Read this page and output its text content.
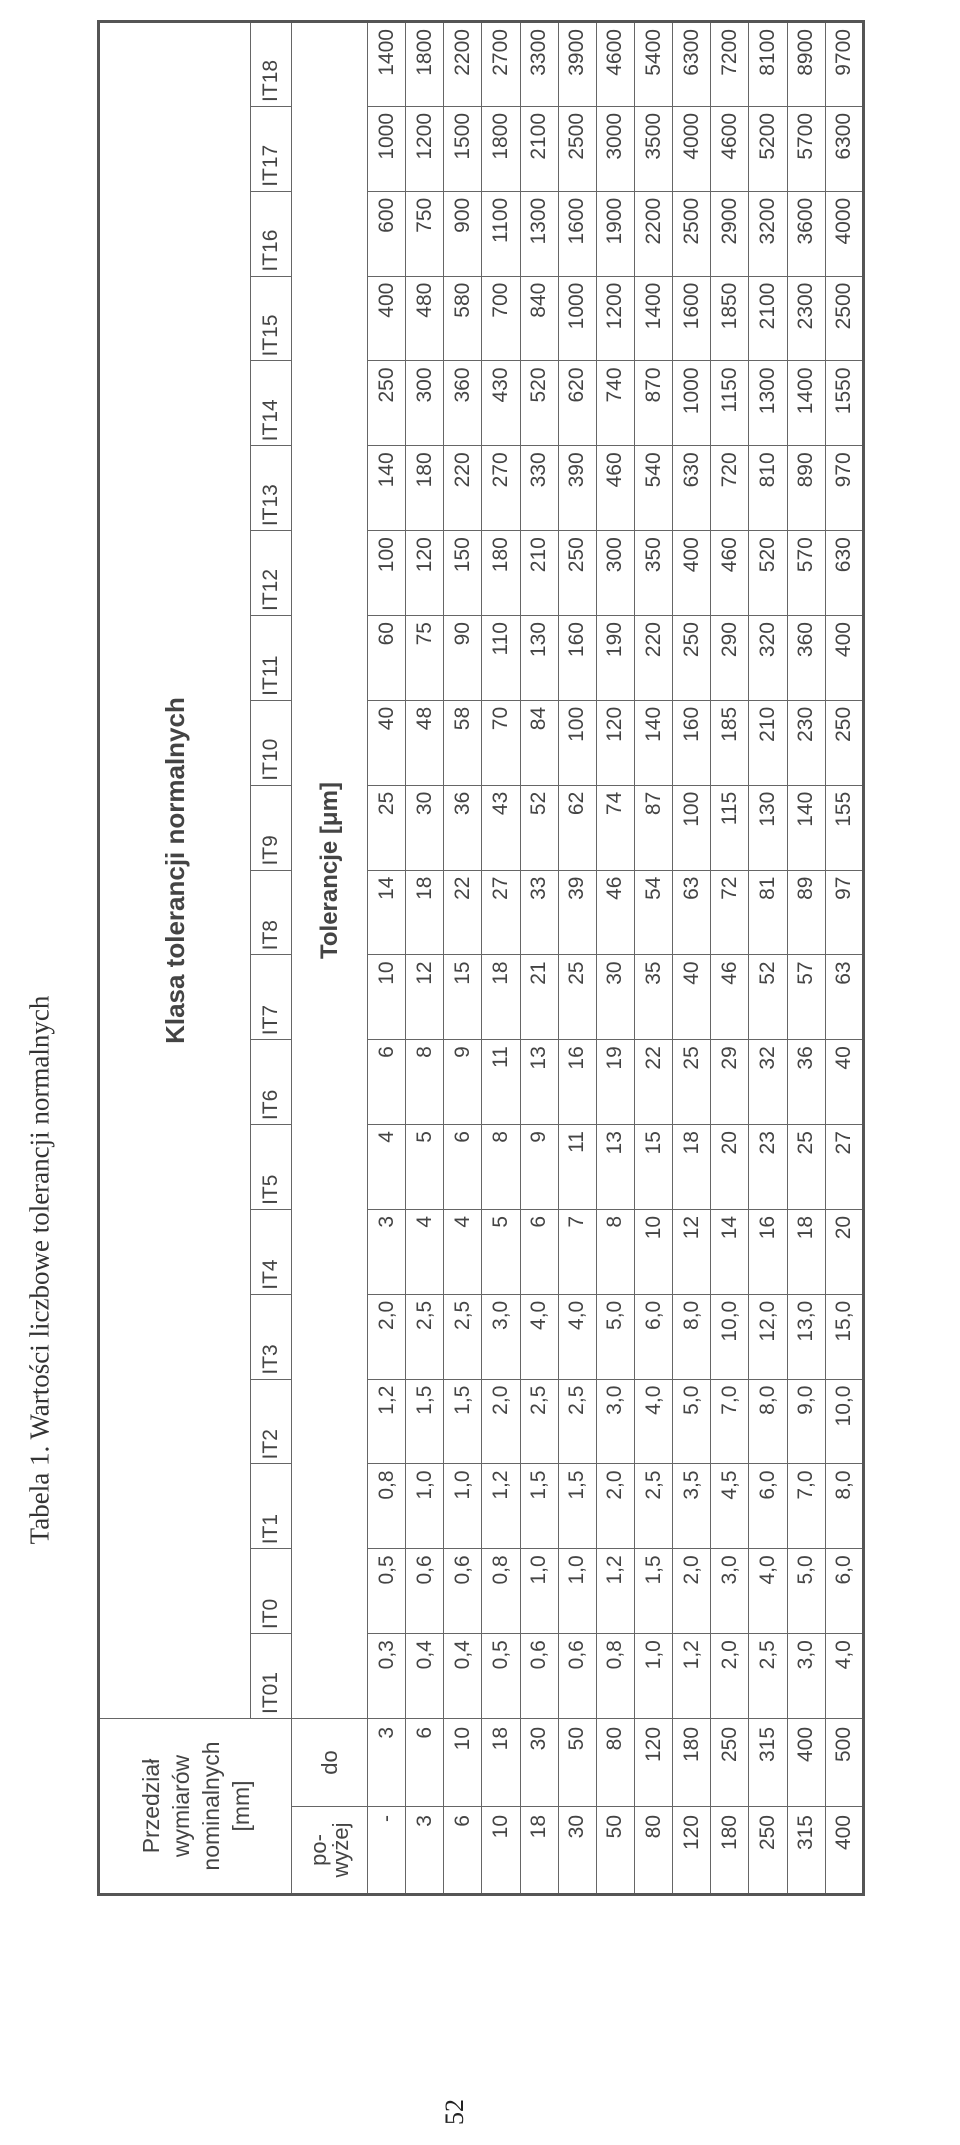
Tabela 1. Wartości liczbowe tolerancji normalnych
Przedział wymiarów nominalnych [mm]		Klasa tolerancji normalnych																			
		IT01	IT0	IT1	IT2	IT3	IT4	IT5	IT6	IT7	IT8	IT9	IT10	IT11	IT12	IT13	IT14	IT15	IT16	IT17	IT18
po- wyżej	do	Tolerancje [μm]																			
-	3	0,3	0,5	0,8	1,2	2,0	3	4	6	10	14	25	40	60	100	140	250	400	600	1000	1400
3	6	0,4	0,6	1,0	1,5	2,5	4	5	8	12	18	30	48	75	120	180	300	480	750	1200	1800
6	10	0,4	0,6	1,0	1,5	2,5	4	6	9	15	22	36	58	90	150	220	360	580	900	1500	2200
10	18	0,5	0,8	1,2	2,0	3,0	5	8	11	18	27	43	70	110	180	270	430	700	1100	1800	2700
18	30	0,6	1,0	1,5	2,5	4,0	6	9	13	21	33	52	84	130	210	330	520	840	1300	2100	3300
30	50	0,6	1,0	1,5	2,5	4,0	7	11	16	25	39	62	100	160	250	390	620	1000	1600	2500	3900
50	80	0,8	1,2	2,0	3,0	5,0	8	13	19	30	46	74	120	190	300	460	740	1200	1900	3000	4600
80	120	1,0	1,5	2,5	4,0	6,0	10	15	22	35	54	87	140	220	350	540	870	1400	2200	3500	5400
120	180	1,2	2,0	3,5	5,0	8,0	12	18	25	40	63	100	160	250	400	630	1000	1600	2500	4000	6300
180	250	2,0	3,0	4,5	7,0	10,0	14	20	29	46	72	115	185	290	460	720	1150	1850	2900	4600	7200
250	315	2,5	4,0	6,0	8,0	12,0	16	23	32	52	81	130	210	320	520	810	1300	2100	3200	5200	8100
315	400	3,0	5,0	7,0	9,0	13,0	18	25	36	57	89	140	230	360	570	890	1400	2300	3600	5700	8900
400	500	4,0	6,0	8,0	10,0	15,0	20	27	40	63	97	155	250	400	630	970	1550	2500	4000	6300	9700
52
